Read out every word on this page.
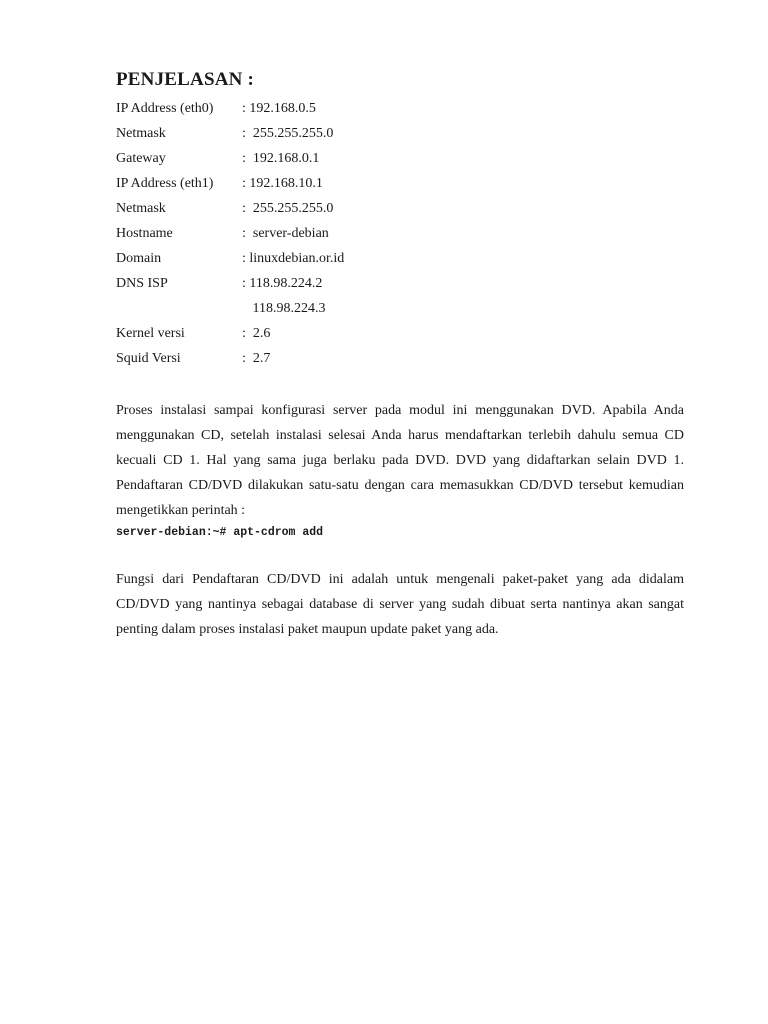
PENJELASAN :
IP Address (eth0)	: 192.168.0.5
Netmask	:  255.255.255.0
Gateway	:  192.168.0.1
IP Address (eth1)	: 192.168.10.1
Netmask	:  255.255.255.0
Hostname	:  server-debian
Domain	: linuxdebian.or.id
DNS ISP	: 118.98.224.2
	118.98.224.3
Kernel versi	:  2.6
Squid Versi	:  2.7

Proses instalasi sampai konfigurasi server pada modul ini menggunakan DVD. Apabila Anda menggunakan CD, setelah instalasi selesai Anda harus mendaftarkan terlebih dahulu semua CD kecuali CD 1. Hal yang sama juga berlaku pada DVD. DVD yang didaftarkan selain DVD 1. Pendaftaran CD/DVD dilakukan satu-satu dengan cara memasukkan CD/DVD tersebut kemudian mengetikkan perintah :

server-debian:~# apt-cdrom add

Fungsi dari Pendaftaran CD/DVD ini adalah untuk mengenali paket-paket yang ada didalam CD/DVD yang nantinya sebagai database di server yang sudah dibuat serta nantinya akan sangat penting dalam proses instalasi paket maupun update paket yang ada.
